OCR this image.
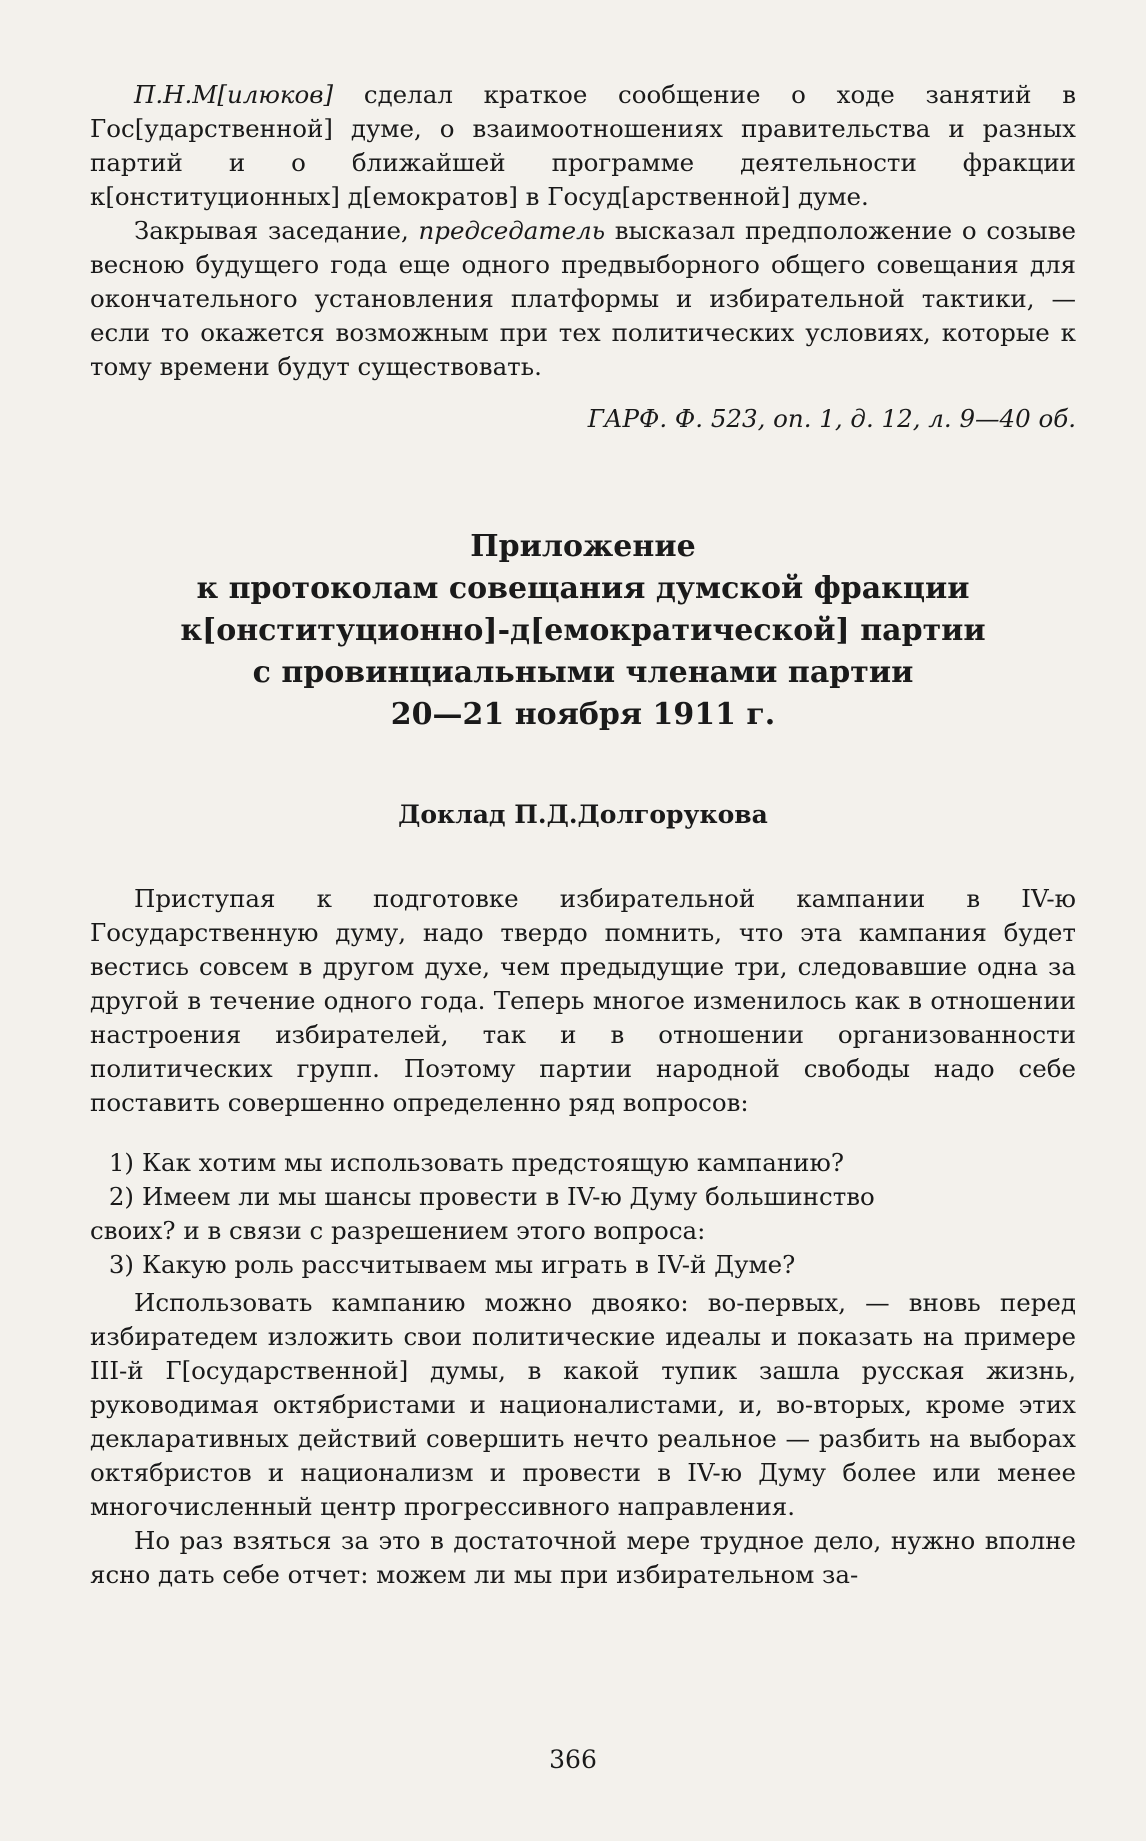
П.Н.М[илюков] сделал краткое сообщение о ходе занятий в Гос[ударственной] думе, о взаимоотношениях правительства и разных партий и о ближайшей программе деятельности фракции к[онституционных] д[емократов] в Госуд[арственной] думе.

Закрывая заседание, председатель высказал предположение о созыве весною будущего года еще одного предвыборного общего совещания для окончательного установления платформы и избирательной тактики, — если то окажется возможным при тех политических условиях, которые к тому времени будут существовать.

ГАРФ. Ф. 523, оп. 1, д. 12, л. 9—40 об.
Приложение
к протоколам совещания думской фракции
к[онституционно]-д[емократической] партии
с провинциальными членами партии
20—21 ноября 1911 г.
Доклад П.Д.Долгорукова

Приступая к подготовке избирательной кампании в IV-ю Государственную думу, надо твердо помнить, что эта кампания будет вестись совсем в другом духе, чем предыдущие три, следовавшие одна за другой в течение одного года. Теперь многое изменилось как в отношении настроения избирателей, так и в отношении организованности политических групп. Поэтому партии народной свободы надо себе поставить совершенно определенно ряд вопросов:

1) Как хотим мы использовать предстоящую кампанию?
2) Имеем ли мы шансы провести в IV-ю Думу большинство
своих? и в связи с разрешением этого вопроса:
3) Какую роль рассчитываем мы играть в IV-й Думе?

Использовать кампанию можно двояко: во-первых, — вновь перед избиратедем изложить свои политические идеалы и показать на примере III-й Г[осударственной] думы, в какой тупик зашла русская жизнь, руководимая октябристами и националистами, и, во-вторых, кроме этих декларативных действий совершить нечто реальное — разбить на выборах октябристов и национализм и провести в IV-ю Думу более или менее многочисленный центр прогрессивного направления.

Но раз взяться за это в достаточной мере трудное дело, нужно вполне ясно дать себе отчет: можем ли мы при избирательном за-

366
